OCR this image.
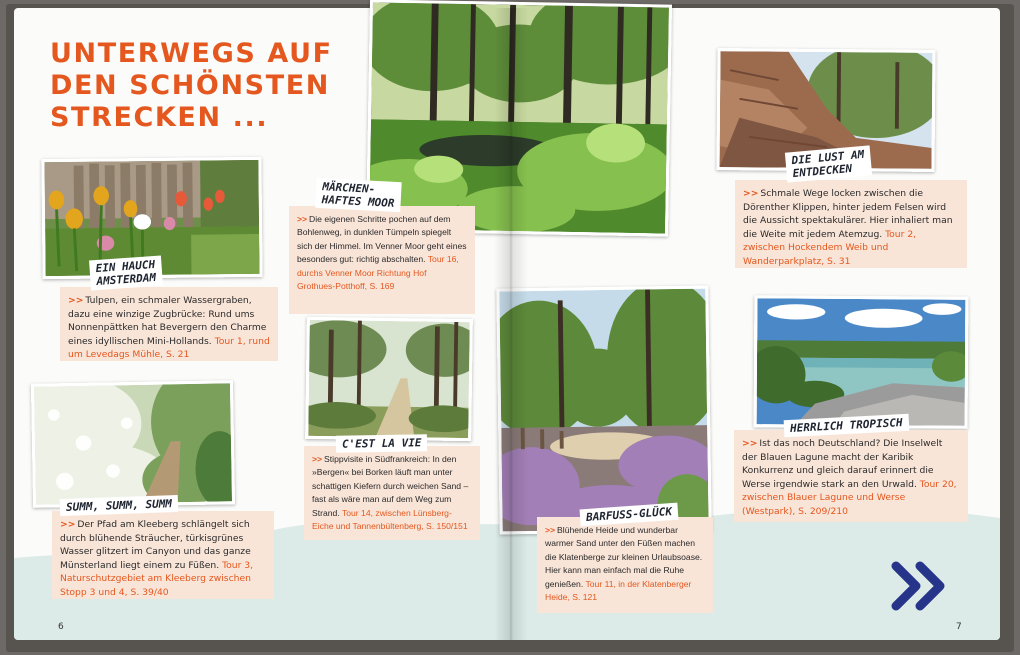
6	7
UNTERWEGS AUF
DEN SCHÖNSTEN
STRECKEN ...
EIN HAUCH
AMSTERDAM
>> Tulpen, ein schmaler Wassergraben, dazu eine winzige Zugbrücke: Rund ums Nonnenpättken hat Bevergern den Charme eines idyllischen Mini-Hollands. Tour 1, rund um Levedags Mühle, S. 21
MÄRCHEN-
HAFTES MOOR
>> Die eigenen Schritte pochen auf dem Bohlenweg, in dunklen Tümpeln spiegelt sich der Himmel. Im Venner Moor geht eines besonders gut: richtig abschalten. Tour 16, durchs Venner Moor Richtung Hof Grothues-Potthoff, S. 169
SUMM, SUMM, SUMM
>> Der Pfad am Kleeberg schlängelt sich durch blühende Sträucher, türkisgrünes Wasser glitzert im Canyon und das ganze Münsterland liegt einem zu Füßen. Tour 3, Naturschutzgebiet am Kleeberg zwischen Stopp 3 und 4, S. 39/40
C'EST LA VIE
>> Stippvisite in Südfrankreich: In den »Bergen« bei Borken läuft man unter schattigen Kiefern durch weichen Sand – fast als wäre man auf dem Weg zum Strand. Tour 14, zwischen Lünsberg-Eiche und Tannenbültenberg, S. 150/151
DIE LUST AM
ENTDECKEN
>> Schmale Wege locken zwischen die Dörenther Klippen, hinter jedem Felsen wird die Aussicht spektakulärer. Hier inhaliert man die Weite mit jedem Atemzug. Tour 2, zwischen Hockendem Weib und Wanderparkplatz, S. 31
BARFUSS-GLÜCK
>> Blühende Heide und wunderbar warmer Sand unter den Füßen machen die Klatenberge zur kleinen Urlaubsoase. Hier kann man einfach mal die Ruhe genießen. Tour 11, in der Klatenberger Heide, S. 121
HERRLICH TROPISCH
>> Ist das noch Deutschland? Die Inselwelt der Blauen Lagune macht der Karibik Konkurrenz und gleich darauf erinnert die Werse irgendwie stark an den Urwald. Tour 20, zwischen Blauer Lagune und Werse (Westpark), S. 209/210
